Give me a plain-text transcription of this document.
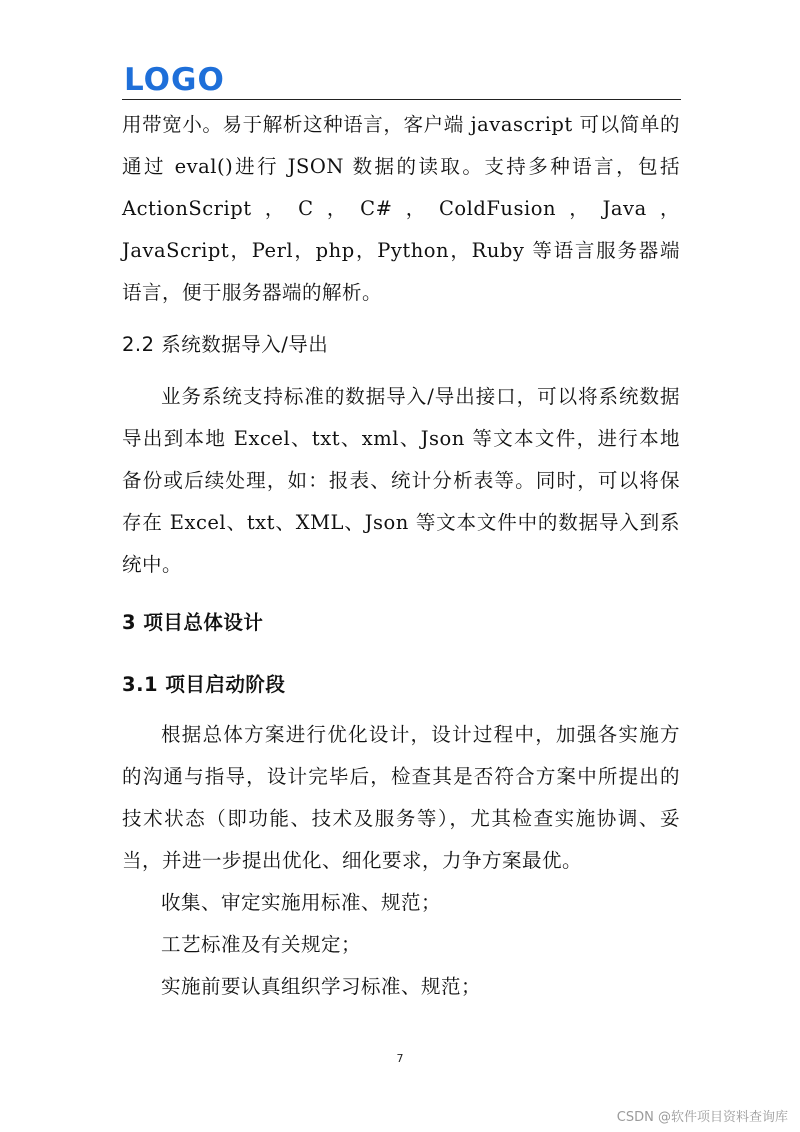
LOGO

用带宽小。易于解析这种语言，客户端 javascript 可以简单的通过 eval()进行 JSON 数据的读取。支持多种语言，包括 ActionScript，C，C#，ColdFusion，Java，JavaScript，Perl，php，Python，Ruby 等语言服务器端语言，便于服务器端的解析。

2.2 系统数据导入/导出

业务系统支持标准的数据导入/导出接口，可以将系统数据导出到本地 Excel、txt、xml、Json 等文本文件，进行本地备份或后续处理，如：报表、统计分析表等。同时，可以将保存在 Excel、txt、XML、Json 等文本文件中的数据导入到系统中。

3 项目总体设计

3.1 项目启动阶段

根据总体方案进行优化设计，设计过程中，加强各实施方的沟通与指导，设计完毕后，检查其是否符合方案中所提出的技术状态（即功能、技术及服务等），尤其检查实施协调、妥当，并进一步提出优化、细化要求，力争方案最优。

收集、审定实施用标准、规范；

工艺标准及有关规定；

实施前要认真组织学习标准、规范；

7
CSDN @软件项目资料查询库
